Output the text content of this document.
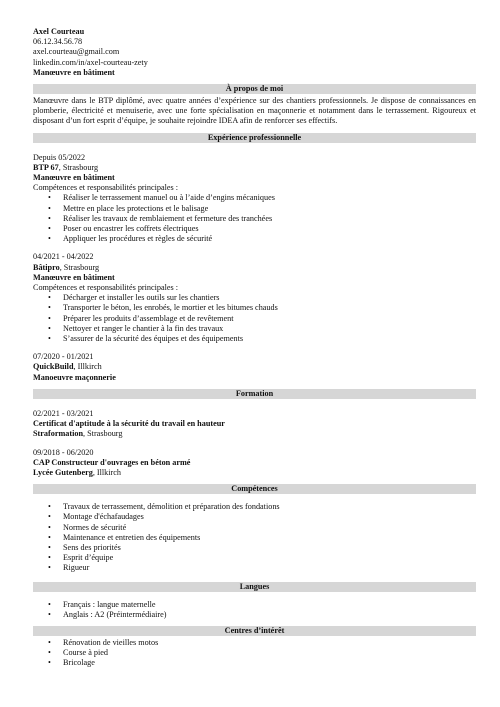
Axel Courteau
06.12.34.56.78
axel.courteau@gmail.com
linkedin.com/in/axel-courteau-zety
Manœuvre en bâtiment
À propos de moi
Manœuvre dans le BTP diplômé, avec quatre années d’expérience sur des chantiers professionnels. Je dispose de connaissances en plomberie, électricité et menuiserie, avec une forte spécialisation en maçonnerie et notamment dans le terrassement. Rigoureux et disposant d’un fort esprit d’équipe, je souhaite rejoindre IDEA afin de renforcer ses effectifs.
Expérience professionnelle
Depuis 05/2022
BTP 67, Strasbourg
Manœuvre en bâtiment
Compétences et responsabilités principales :
• Réaliser le terrassement manuel ou à l’aide d’engins mécaniques
• Mettre en place les protections et le balisage
• Réaliser les travaux de remblaiement et fermeture des tranchées
• Poser ou encastrer les coffrets électriques
• Appliquer les procédures et règles de sécurité
04/2021 - 04/2022
Bâtipro, Strasbourg
Manœuvre en bâtiment
Compétences et responsabilités principales :
• Décharger et installer les outils sur les chantiers
• Transporter le béton, les enrobés, le mortier et les bitumes chauds
• Préparer les produits d’assemblage et de revêtement
• Nettoyer et ranger le chantier à la fin des travaux
• S’assurer de la sécurité des équipes et des équipements
07/2020 - 01/2021
QuickBuild, Illkirch
Manoeuvre maçonnerie
Formation
02/2021 - 03/2021
Certificat d'aptitude à la sécurité du travail en hauteur
Straformation, Strasbourg
09/2018 - 06/2020
CAP Constructeur d'ouvrages en béton armé
Lycée Gutenberg, Illkirch
Compétences
• Travaux de terrassement, démolition et préparation des fondations
• Montage d'échafaudages
• Normes de sécurité
• Maintenance et entretien des équipements
• Sens des priorités
• Esprit d’équipe
• Rigueur
Langues
• Français : langue maternelle
• Anglais : A2 (Préintermédiaire)
Centres d’intérêt
• Rénovation de vieilles motos
• Course à pied
• Bricolage
